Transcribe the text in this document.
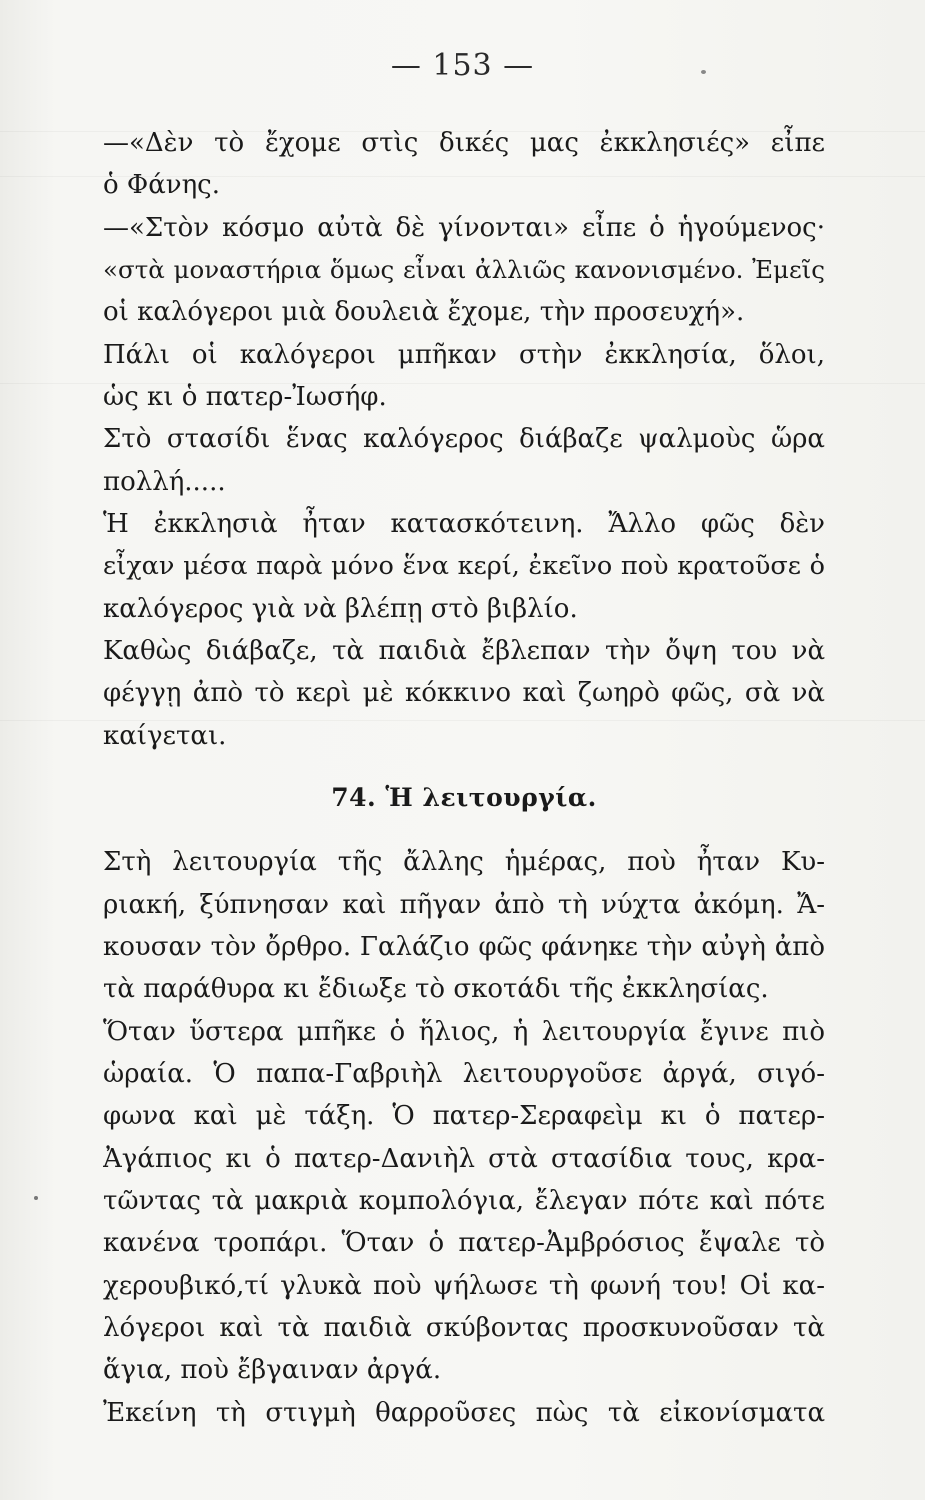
— 153 —
—«Δὲν τὸ ἔχομε στὶς δικές μας ἐκκλησιές» εἶπε
ὁ Φάνης.
—«Στὸν κόσμο αὐτὰ δὲ γίνονται» εἶπε ὁ ἡγούμενος·
«στὰ μοναστήρια ὅμως εἶναι ἀλλιῶς κανονισμένο. Ἐμεῖς
οἱ καλόγεροι μιὰ δουλειὰ ἔχομε, τὴν προσευχή».
Πάλι οἱ καλόγεροι μπῆκαν στὴν ἐκκλησία, ὅλοι,
ὡς κι ὁ πατερ-Ἰωσήφ.
Στὸ στασίδι ἕνας καλόγερος διάβαζε ψαλμοὺς ὥρα
πολλή.....
Ἡ ἐκκλησιὰ ἦταν κατασκότεινη. Ἄλλο φῶς δὲν
εἶχαν μέσα παρὰ μόνο ἕνα κερί, ἐκεῖνο ποὺ κρατοῦσε ὁ
καλόγερος γιὰ νὰ βλέπῃ στὸ βιβλίο.
Καθὼς διάβαζε, τὰ παιδιὰ ἔβλεπαν τὴν ὄψη του νὰ
φέγγῃ ἀπὸ τὸ κερὶ μὲ κόκκινο καὶ ζωηρὸ φῶς, σὰ νὰ
καίγεται.
74. Ἡ λειτουργία.
Στὴ λειτουργία τῆς ἄλλης ἡμέρας, ποὺ ἦταν Κυ-
ριακή, ξύπνησαν καὶ πῆγαν ἀπὸ τὴ νύχτα ἀκόμη. Ἄ-
κουσαν τὸν ὄρθρο. Γαλάζιο φῶς φάνηκε τὴν αὐγὴ ἀπὸ
τὰ παράθυρα κι ἔδιωξε τὸ σκοτάδι τῆς ἐκκλησίας.
Ὅταν ὕστερα μπῆκε ὁ ἥλιος, ἡ λειτουργία ἔγινε πιὸ
ὡραία. Ὁ παπα-Γαβριὴλ λειτουργοῦσε ἀργά, σιγό-
φωνα καὶ μὲ τάξη. Ὁ πατερ-Σεραφεὶμ κι ὁ πατερ-
Ἀγάπιος κι ὁ πατερ-Δανιὴλ στὰ στασίδια τους, κρα-
τῶντας τὰ μακριὰ κομπολόγια, ἔλεγαν πότε καὶ πότε
κανένα τροπάρι. Ὅταν ὁ πατερ-Ἀμβρόσιος ἔψαλε τὸ
χερουβικό,τί γλυκὰ ποὺ ψήλωσε τὴ φωνή του! Οἱ κα-
λόγεροι καὶ τὰ παιδιὰ σκύβοντας προσκυνοῦσαν τὰ
ἅγια, ποὺ ἔβγαιναν ἀργά.
Ἐκείνη τὴ στιγμὴ θαρροῦσες πὼς τὰ εἰκονίσματα
